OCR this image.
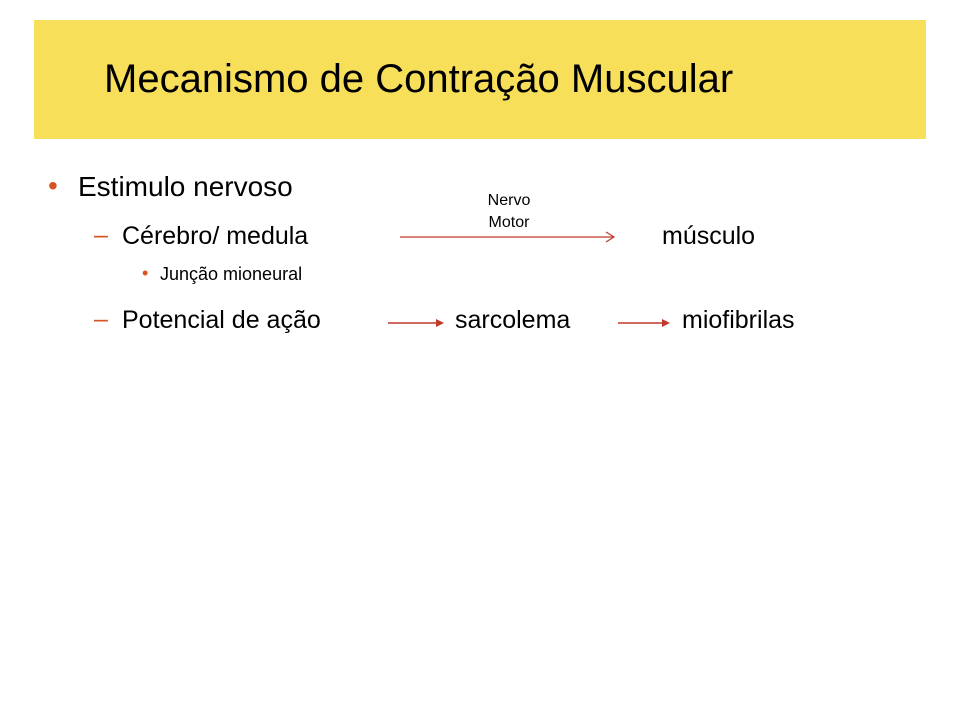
Mecanismo de Contração Muscular
• Estimulo nervoso	Nervo
Motor
– Cérebro/ medula	músculo
• Junção mioneural
– Potencial de ação	sarcolema	miofibrilas
